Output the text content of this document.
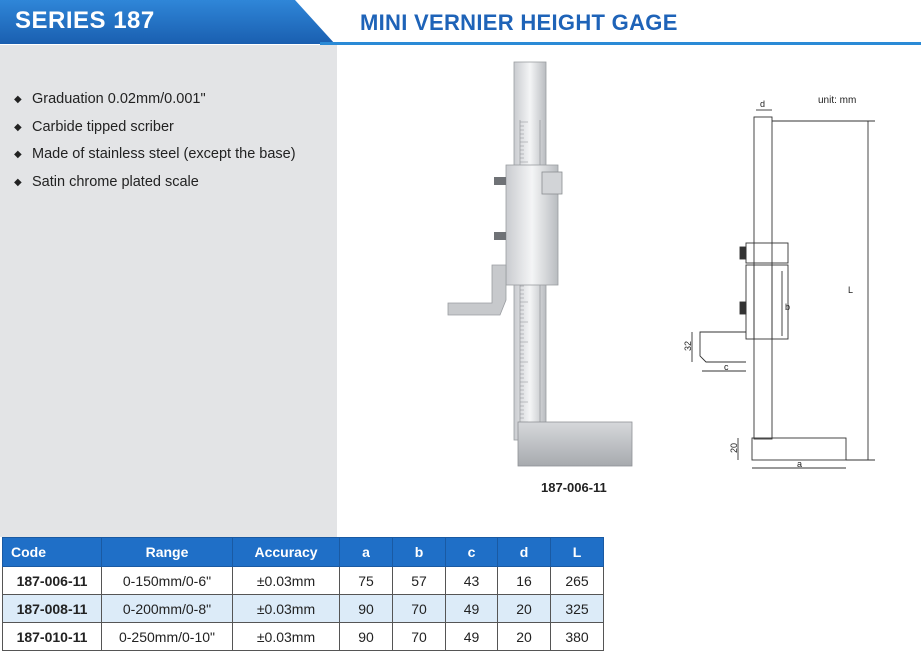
SERIES 187	MINI VERNIER HEIGHT GAGE
◆ Graduation 0.02mm/0.001"
◆ Carbide tipped scriber
◆ Made of stainless steel (except the base)
◆ Satin chrome plated scale
187-006-11
d
L
b
c
a
32
20
unit: mm
Code	Range	Accuracy	a	b	c	d	L
187-006-11	0-150mm/0-6"	±0.03mm	75	57	43	16	265
187-008-11	0-200mm/0-8"	±0.03mm	90	70	49	20	325
187-010-11	0-250mm/0-10"	±0.03mm	90	70	49	20	380
